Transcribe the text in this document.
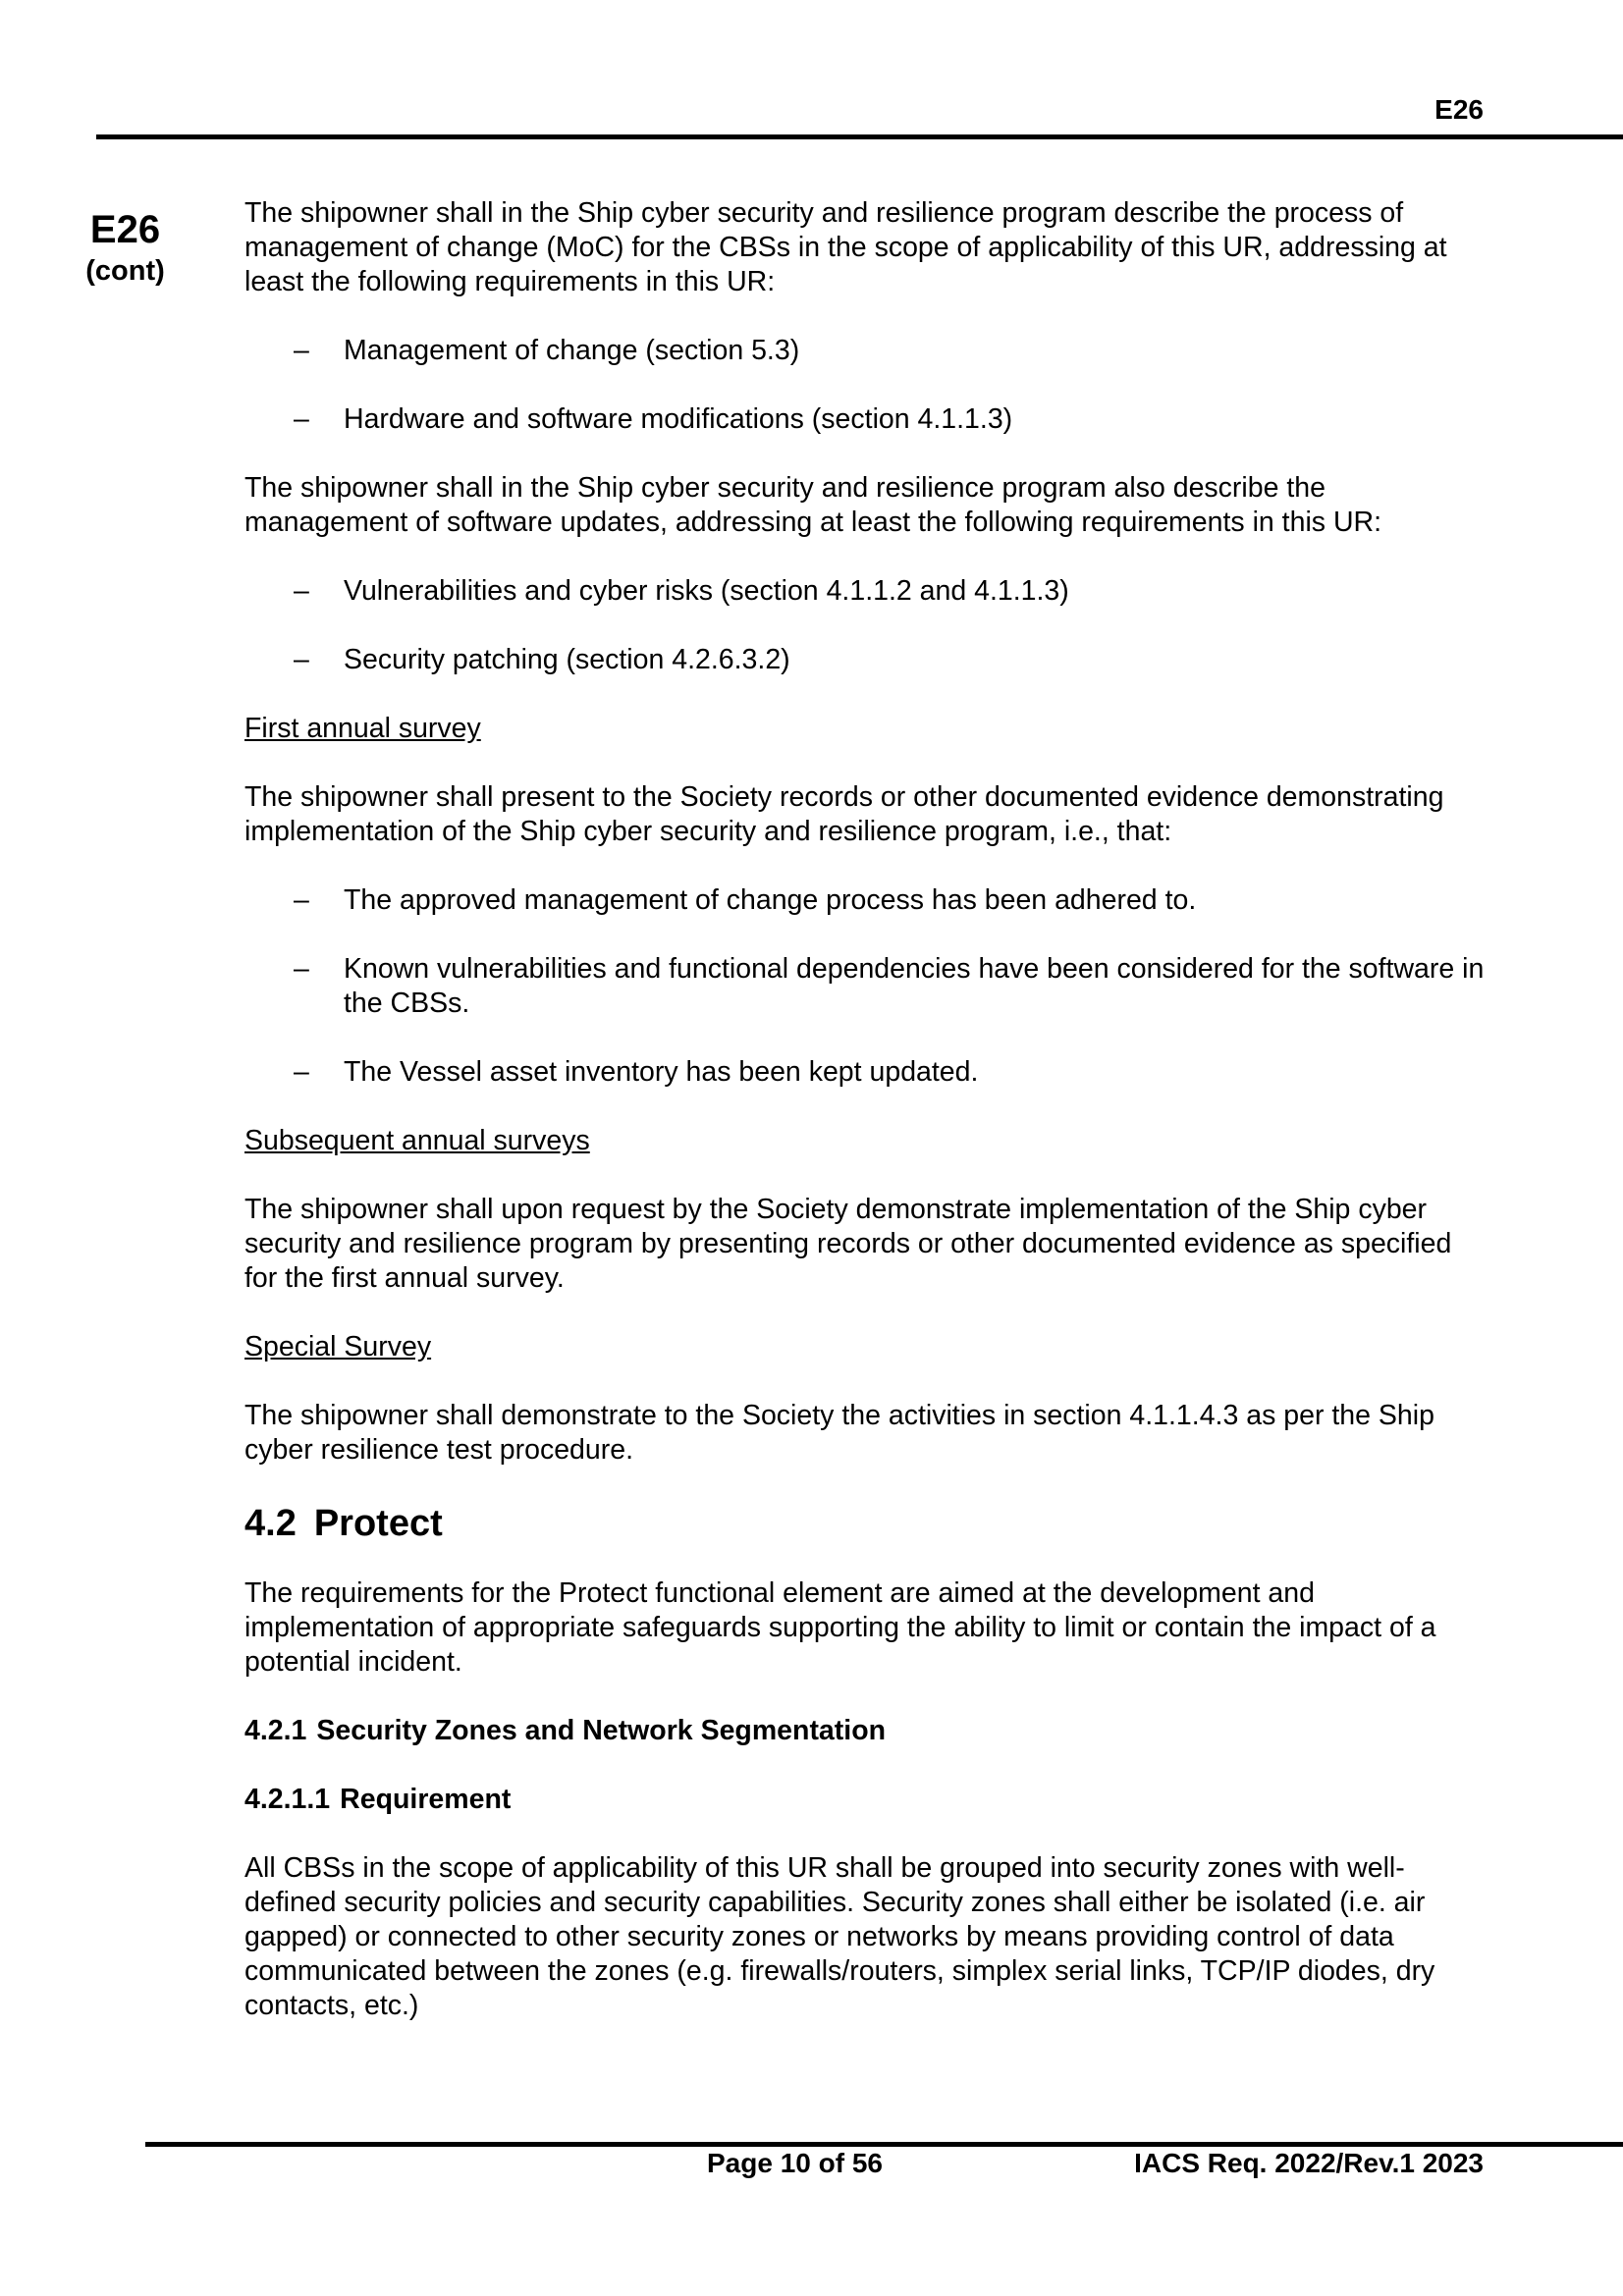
E26
E26
(cont)

The shipowner shall in the Ship cyber security and resilience program describe the process of management of change (MoC) for the CBSs in the scope of applicability of this UR, addressing at least the following requirements in this UR:

– Management of change (section 5.3)
– Hardware and software modifications (section 4.1.1.3)

The shipowner shall in the Ship cyber security and resilience program also describe the management of software updates, addressing at least the following requirements in this UR:

– Vulnerabilities and cyber risks (section 4.1.1.2 and 4.1.1.3)
– Security patching (section 4.2.6.3.2)

First annual survey

The shipowner shall present to the Society records or other documented evidence demonstrating implementation of the Ship cyber security and resilience program, i.e., that:

– The approved management of change process has been adhered to.
– Known vulnerabilities and functional dependencies have been considered for the software in the CBSs.
– The Vessel asset inventory has been kept updated.

Subsequent annual surveys

The shipowner shall upon request by the Society demonstrate implementation of the Ship cyber security and resilience program by presenting records or other documented evidence as specified for the first annual survey.

Special Survey

The shipowner shall demonstrate to the Society the activities in section 4.1.1.4.3 as per the Ship cyber resilience test procedure.

4.2 Protect

The requirements for the Protect functional element are aimed at the development and implementation of appropriate safeguards supporting the ability to limit or contain the impact of a potential incident.

4.2.1 Security Zones and Network Segmentation
4.2.1.1 Requirement

All CBSs in the scope of applicability of this UR shall be grouped into security zones with well-defined security policies and security capabilities. Security zones shall either be isolated (i.e. air gapped) or connected to other security zones or networks by means providing control of data communicated between the zones (e.g. firewalls/routers, simplex serial links, TCP/IP diodes, dry contacts, etc.)

Page 10 of 56	IACS Req. 2022/Rev.1 2023
